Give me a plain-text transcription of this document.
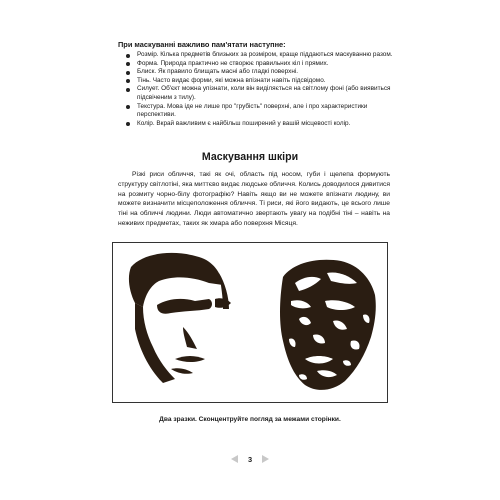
При маскуванні важливо пам'ятати наступне:
Розмір. Кілька предметів близьких за розміром, краще піддаються маскуванню разом.
Форма. Природа практично не створює правильних кіл і прямих.
Блиск. Як правило блищать масні або гладкі поверхні.
Тінь. Часто видає форми, які можна впізнати навіть підсвідомо.
Силует. Об'єкт можна упізнати, коли він виділяється на світлому фоні (або виявиться підсвіченим з тилу).
Текстура. Мова іде не лише про "грубість" поверхні, але і про характеристики перспективи.
Колір. Вкрай важливим є найбільш поширений у вашій місцевості колір.
Маскування шкіри

Різкі риси обличчя, такі як очі, область під носом, губи і щелепа формують структуру світлотіні, яка миттєво видає людське обличчя. Колись доводилося дивитися на розмиту чорно-білу фотографію? Навіть якщо ви не можете впізнати людину, ви можете визначити місцеположення обличчя. Ті риси, які його видають, це всього лише тіні на обличчі людини. Люди автоматично звертають увагу на подібні тіні – навіть на неживих предметах, таких як хмара або поверхня Місяця.

Два зразки. Сконцентруйте погляд за межами сторінки.
3
